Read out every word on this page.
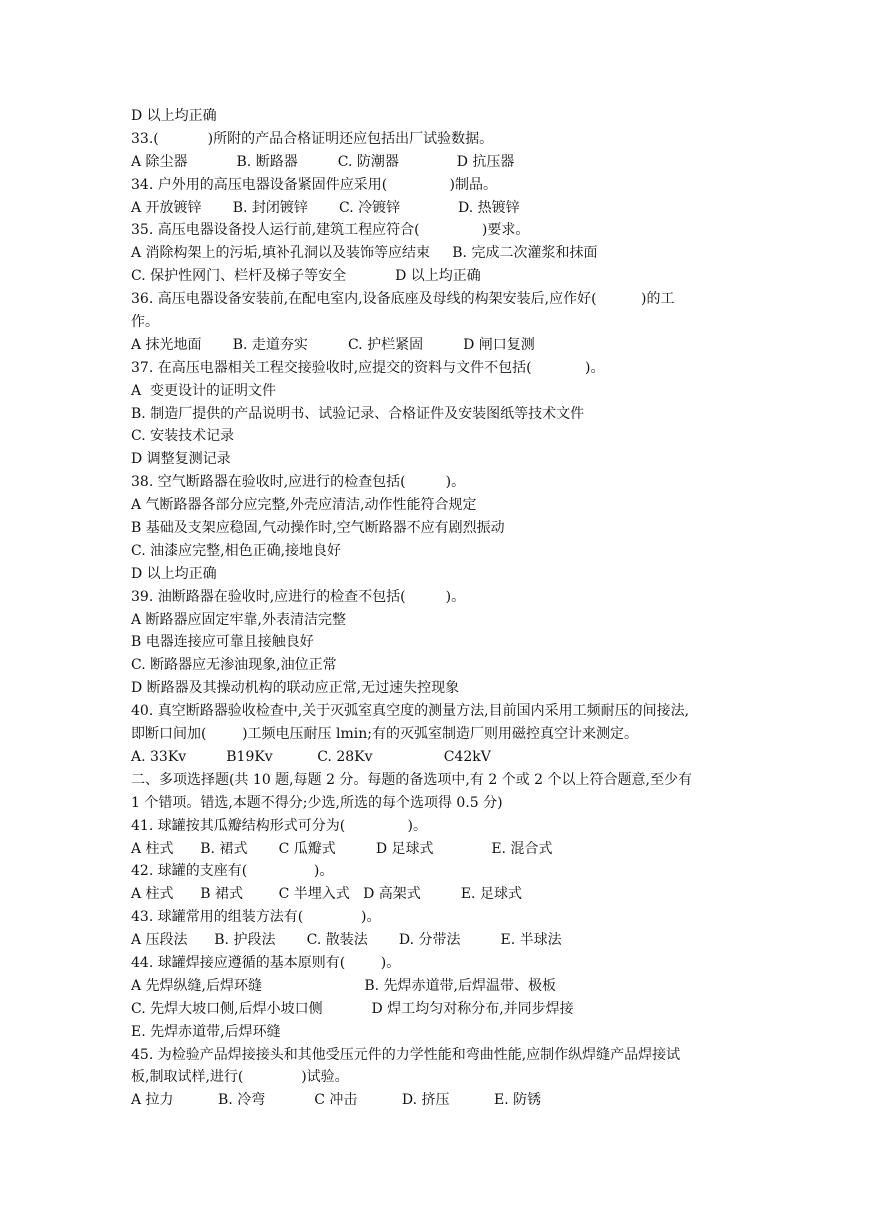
D 以上均正确
33.(           )所附的产品合格证明还应包括出厂试验数据。
A 除尘器           B. 断路器         C. 防潮器             D 抗压器
34. 户外用的高压电器设备紧固件应采用(              )制品。
A 开放镀锌       B. 封闭镀锌       C. 冷镀锌             D. 热镀锌
35. 高压电器设备投人运行前,建筑工程应符合(              )要求。
A 消除构架上的污垢,填补孔洞以及装饰等应结束     B. 完成二次灌浆和抹面
C. 保护性网门、栏杆及梯子等安全           D 以上均正确
36. 高压电器设备安装前,在配电室内,设备底座及母线的构架安装后,应作好(          )的工
作。
A 抹光地面       B. 走道夯实         C. 护栏紧固         D 闸口复测
37. 在高压电器相关工程交接验收时,应提交的资料与文件不包括(            )。
A  变更设计的证明文件
B. 制造厂提供的产品说明书、试验记录、合格证件及安装图纸等技术文件
C. 安装技术记录
D 调整复测记录
38. 空气断路器在验收时,应进行的检查包括(         )。
A 气断路器各部分应完整,外壳应清洁,动作性能符合规定
B 基础及支架应稳固,气动操作时,空气断路器不应有剧烈振动
C. 油漆应完整,相色正确,接地良好
D 以上均正确
39. 油断路器在验收时,应进行的检查不包括(         )。
A 断路器应固定牢靠,外表清洁完整
B 电器连接应可靠且接触良好
C. 断路器应无渗油现象,油位正常
D 断路器及其操动机构的联动应正常,无过速失控现象
40. 真空断路器验收检查中,关于灭弧室真空度的测量方法,目前国内采用工频耐压的间接法,
即断口间加(        )工频电压耐压 lmin;有的灭弧室制造厂则用磁控真空计来测定。
A. 33Kv         B19Kv          C. 28Kv                C42kV
二、多项选择题(共 10 题,每题 2 分。每题的备选项中,有 2 个或 2 个以上符合题意,至少有
1 个错项。错选,本题不得分;少选,所选的每个选项得 0.5 分)
41. 球罐按其瓜瓣结构形式可分为(              )。
A 柱式      B. 裙式       C 瓜瓣式         D 足球式             E. 混合式
42. 球罐的支座有(               )。
A 柱式      B 裙式        C 半埋入式   D 高架式         E. 足球式
43. 球罐常用的组装方法有(             )。
A 压段法      B. 护段法       C. 散装法       D. 分带法         E. 半球法
44. 球罐焊接应遵循的基本原则有(        )。
A 先焊纵缝,后焊环缝                       B. 先焊赤道带,后焊温带、极板
C. 先焊大坡口侧,后焊小坡口侧           D 焊工均匀对称分布,并同步焊接
E. 先焊赤道带,后焊环缝
45. 为检验产品焊接接头和其他受压元件的力学性能和弯曲性能,应制作纵焊缝产品焊接试
板,制取试样,进行(             )试验。
A 拉力          B. 冷弯           C 冲击          D. 挤压          E. 防锈
